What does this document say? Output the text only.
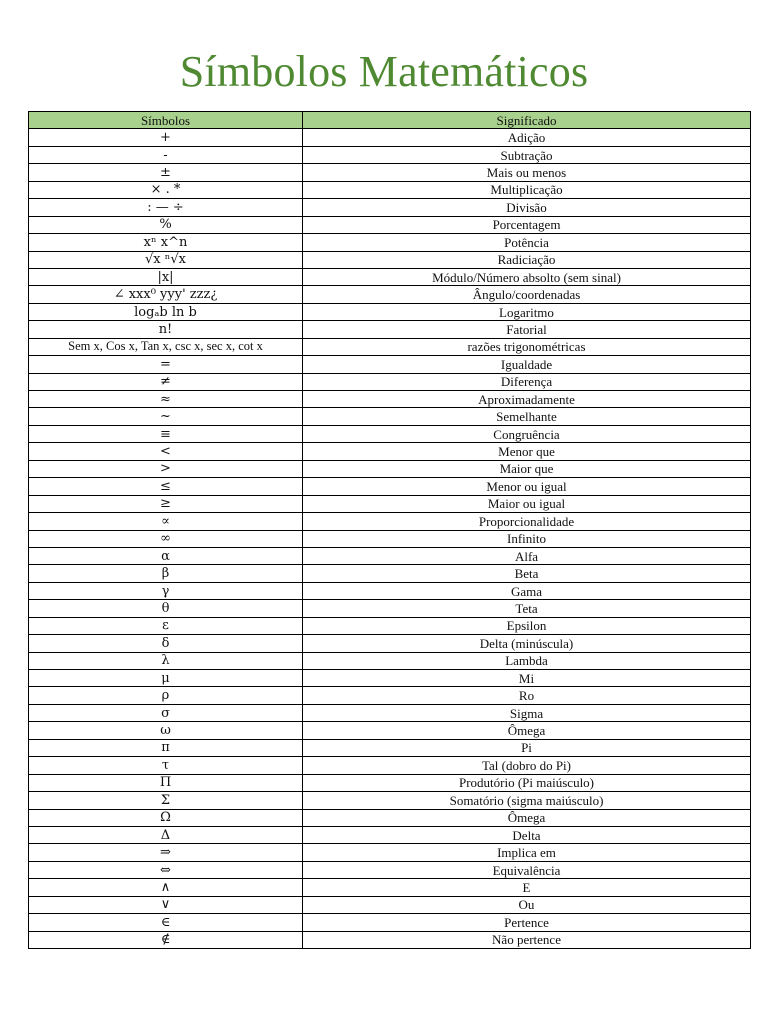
Símbolos Matemáticos
Símbolos	Significado
+	Adição
-	Subtração
±	Mais ou menos
× . *	Multiplicação
: — ÷	Divisão
%	Porcentagem
xⁿ x^n	Potência
√x ⁿ√x	Radiciação
|x|	Módulo/Número absolto (sem sinal)
∠ xxx⁰ yyy' zzz¿	Ângulo/coordenadas
logₐb ln b	Logaritmo
n!	Fatorial
Sem x, Cos x, Tan x, csc x, sec x, cot x	razões trigonométricas
=	Igualdade
≠	Diferença
≈	Aproximadamente
~	Semelhante
≡	Congruência
<	Menor que
>	Maior que
≤	Menor ou igual
≥	Maior ou igual
∝	Proporcionalidade
∞	Infinito
α	Alfa
β	Beta
γ	Gama
θ	Teta
ε	Epsilon
δ	Delta (minúscula)
λ	Lambda
μ	Mi
ρ	Ro
σ	Sigma
ω	Ômega
π	Pi
τ	Tal (dobro do Pi)
Π	Produtório (Pi maiúsculo)
Σ	Somatório (sigma maiúsculo)
Ω	Ômega
Δ	Delta
⇒	Implica em
⇔	Equivalência
∧	E
∨	Ou
∈	Pertence
∉	Não pertence
